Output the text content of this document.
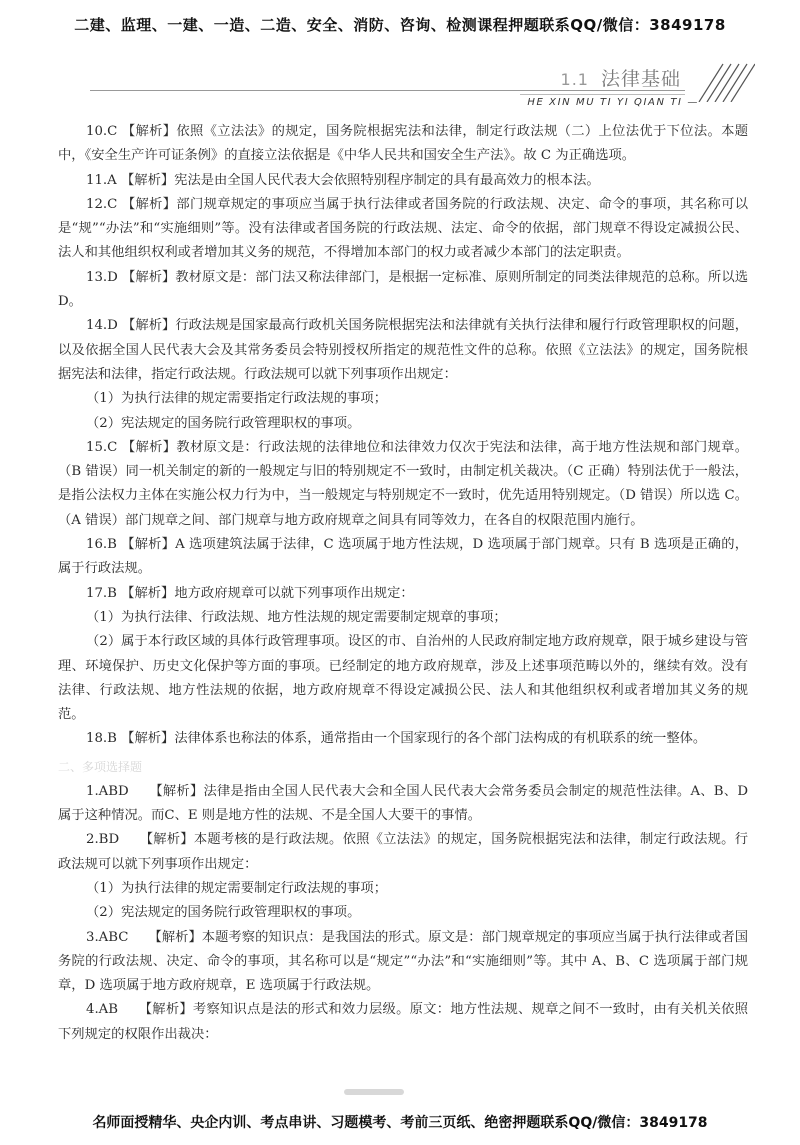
二建、监理、一建、一造、二造、安全、消防、咨询、检测课程押题联系QQ/微信：3849178
1.1 法律基础
HE XIN MU TI YI QIAN TI —

10.C 【解析】依照《立法法》的规定，国务院根据宪法和法律，制定行政法规（二）上位法优于下位法。本题中，《安全生产许可证条例》的直接立法依据是《中华人民共和国安全生产法》。故 C 为正确选项。

11.A 【解析】宪法是由全国人民代表大会依照特别程序制定的具有最高效力的根本法。

12.C 【解析】部门规章规定的事项应当属于执行法律或者国务院的行政法规、决定、命令的事项，其名称可以是“规”“办法”和“实施细则”等。没有法律或者国务院的行政法规、法定、命令的依据，部门规章不得设定减损公民、法人和其他组织权利或者增加其义务的规范，不得增加本部门的权力或者减少本部门的法定职责。

13.D 【解析】教材原文是：部门法又称法律部门，是根据一定标准、原则所制定的同类法律规范的总称。所以选 D。

14.D 【解析】行政法规是国家最高行政机关国务院根据宪法和法律就有关执行法律和履行行政管理职权的问题，以及依据全国人民代表大会及其常务委员会特别授权所指定的规范性文件的总称。依照《立法法》的规定，国务院根据宪法和法律，指定行政法规。行政法规可以就下列事项作出规定：

（1）为执行法律的规定需要指定行政法规的事项；

（2）宪法规定的国务院行政管理职权的事项。

15.C 【解析】教材原文是：行政法规的法律地位和法律效力仅次于宪法和法律，高于地方性法规和部门规章。（B 错误）同一机关制定的新的一般规定与旧的特别规定不一致时，由制定机关裁决。（C 正确）特别法优于一般法，是指公法权力主体在实施公权力行为中，当一般规定与特别规定不一致时，优先适用特别规定。（D 错误）所以选 C。（A 错误）部门规章之间、部门规章与地方政府规章之间具有同等效力，在各自的权限范围内施行。

16.B 【解析】A 选项建筑法属于法律，C 选项属于地方性法规，D 选项属于部门规章。只有 B 选项是正确的，属于行政法规。

17.B 【解析】地方政府规章可以就下列事项作出规定：

（1）为执行法律、行政法规、地方性法规的规定需要制定规章的事项；

（2）属于本行政区域的具体行政管理事项。设区的市、自治州的人民政府制定地方政府规章，限于城乡建设与管理、环境保护、历史文化保护等方面的事项。已经制定的地方政府规章，涉及上述事项范畴以外的，继续有效。没有法律、行政法规、地方性法规的依据，地方政府规章不得设定减损公民、法人和其他组织权利或者增加其义务的规范。

18.B 【解析】法律体系也称法的体系，通常指由一个国家现行的各个部门法构成的有机联系的统一整体。

二、多项选择题

1.ABD　　【解析】法律是指由全国人民代表大会和全国人民代表大会常务委员会制定的规范性法律。A、B、D 属于这种情况。而C、E 则是地方性的法规、不是全国人大要干的事情。

2.BD　　【解析】本题考核的是行政法规。依照《立法法》的规定，国务院根据宪法和法律，制定行政法规。行政法规可以就下列事项作出规定：

（1）为执行法律的规定需要制定行政法规的事项；

（2）宪法规定的国务院行政管理职权的事项。

3.ABC　　【解析】本题考察的知识点：是我国法的形式。原文是：部门规章规定的事项应当属于执行法律或者国务院的行政法规、决定、命令的事项，其名称可以是“规定”“办法”和“实施细则”等。其中 A、B、C 选项属于部门规章，D 选项属于地方政府规章，E 选项属于行政法规。

4.AB　　【解析】考察知识点是法的形式和效力层级。原文：地方性法规、规章之间不一致时，由有关机关依照下列规定的权限作出裁决：

名师面授精华、央企内训、考点串讲、习题模考、考前三页纸、绝密押题联系QQ/微信：3849178
